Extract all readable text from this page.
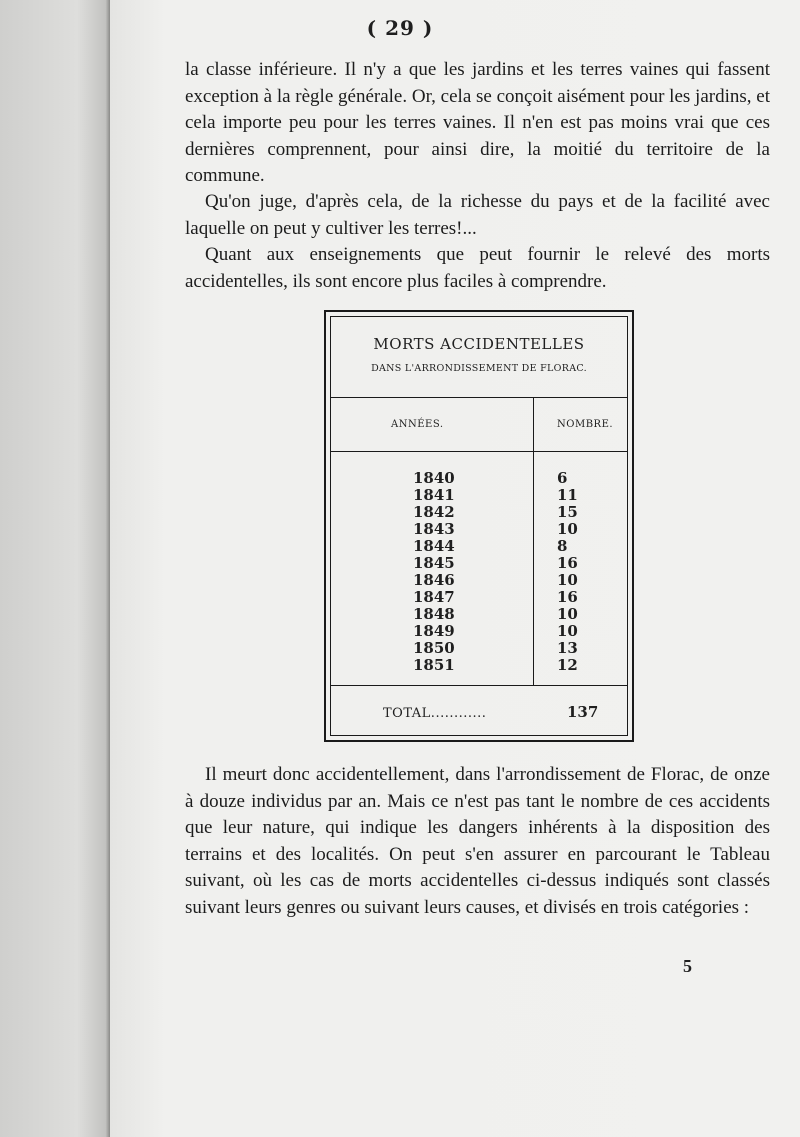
( 29 )

la classe inférieure. Il n'y a que les jardins et les terres vaines qui fassent exception à la règle générale. Or, cela se conçoit aisément pour les jardins, et cela importe peu pour les terres vaines. Il n'en est pas moins vrai que ces dernières comprennent, pour ainsi dire, la moitié du territoire de la commune.

Qu'on juge, d'après cela, de la richesse du pays et de la facilité avec laquelle on peut y cultiver les terres!...

Quant aux enseignements que peut fournir le relevé des morts accidentelles, ils sont encore plus faciles à comprendre.

MORTS ACCIDENTELLES
DANS L'ARRONDISSEMENT DE FLORAC.
ANNÉES.	NOMBRE.
1840	6
1841	11
1842	15
1843	10
1844	8
1845	16
1846	10
1847	16
1848	10
1849	10
1850	13
1851	12
TOTAL............	137

Il meurt donc accidentellement, dans l'arrondissement de Florac, de onze à douze individus par an. Mais ce n'est pas tant le nombre de ces accidents que leur nature, qui indique les dangers inhérents à la disposition des terrains et des localités. On peut s'en assurer en parcourant le Tableau suivant, où les cas de morts accidentelles ci-dessus indiqués sont classés suivant leurs genres ou suivant leurs causes, et divisés en trois catégories :

5
